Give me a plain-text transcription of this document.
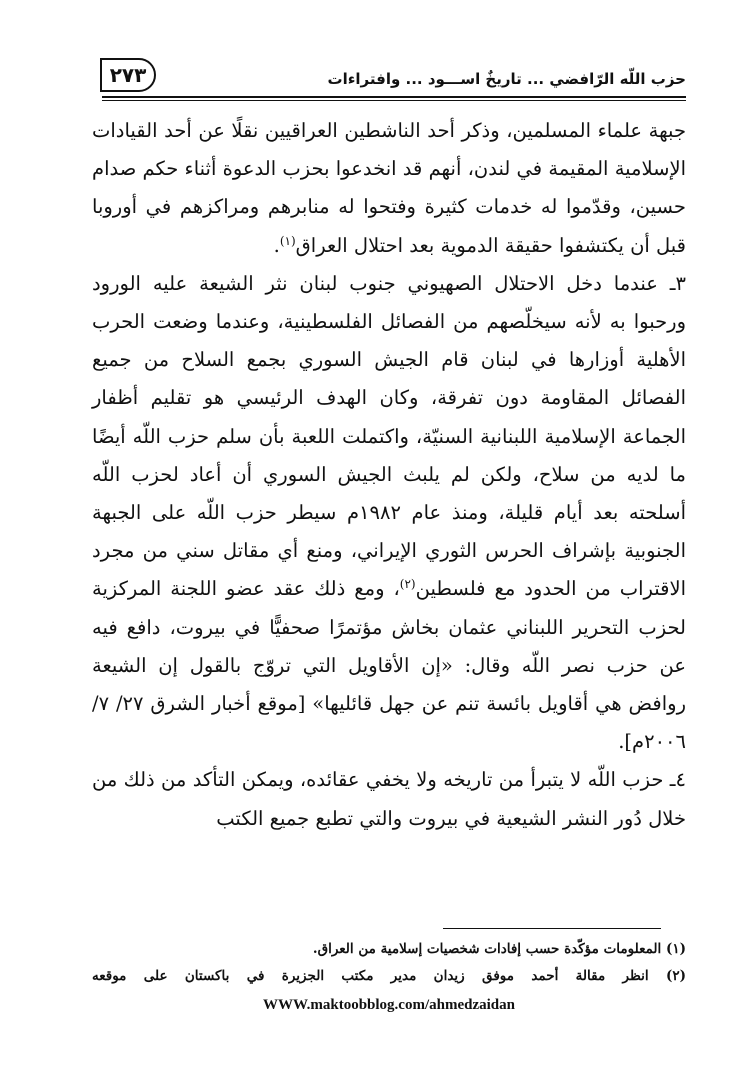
٢٧٣	حزب اللّه الرّافضي ... تاريخٌ اســـود ... وافتراءات

جبهة علماء المسلمين، وذكر أحد الناشطين العراقيين نقلًا عن أحد القيادات الإسلامية المقيمة في لندن، أنهم قد انخدعوا بحزب الدعوة أثناء حكم صدام حسين، وقدّموا له خدمات كثيرة وفتحوا له منابرهم ومراكزهم في أوروبا قبل أن يكتشفوا حقيقة الدموية بعد احتلال العراق$^{(١)}$.

٣ـ عندما دخل الاحتلال الصهيوني جنوب لبنان نثر الشيعة عليه الورود ورحبوا به لأنه سيخلّصهم من الفصائل الفلسطينية، وعندما وضعت الحرب الأهلية أوزارها في لبنان قام الجيش السوري بجمع السلاح من جميع الفصائل المقاومة دون تفرقة، وكان الهدف الرئيسي هو تقليم أظفار الجماعة الإسلامية اللبنانية السنيّة، واكتملت اللعبة بأن سلم حزب اللّه أيضًا ما لديه من سلاح، ولكن لم يلبث الجيش السوري أن أعاد لحزب اللّه أسلحته بعد أيام قليلة، ومنذ عام ١٩٨٢م سيطر حزب اللّه على الجبهة الجنوبية بإشراف الحرس الثوري الإيراني، ومنع أي مقاتل سني من مجرد الاقتراب من الحدود مع فلسطين$^{(٢)}$، ومع ذلك عقد عضو اللجنة المركزية لحزب التحرير اللبناني عثمان بخاش مؤتمرًا صحفيًّا في بيروت، دافع فيه عن حزب نصر اللّه وقال: «إن الأقاويل التي تروّج بالقول إن الشيعة روافض هي أقاويل بائسة تنم عن جهل قائليها» [موقع أخبار الشرق ٢٧/ ٧/ ٢٠٠٦م].

٤ـ حزب اللّه لا يتبرأ من تاريخه ولا يخفي عقائده، ويمكن التأكد من ذلك من خلال دُور النشر الشيعية في بيروت والتي تطبع جميع الكتب

(١) المعلومات مؤكّدة حسب إفادات شخصيات إسلامية من العراق.

(٢) انظر مقالة أحمد موفق زيدان مدير مكتب الجزيرة في باكستان على موقعه

WWW.maktoobblog.com/ahmedzaidan
